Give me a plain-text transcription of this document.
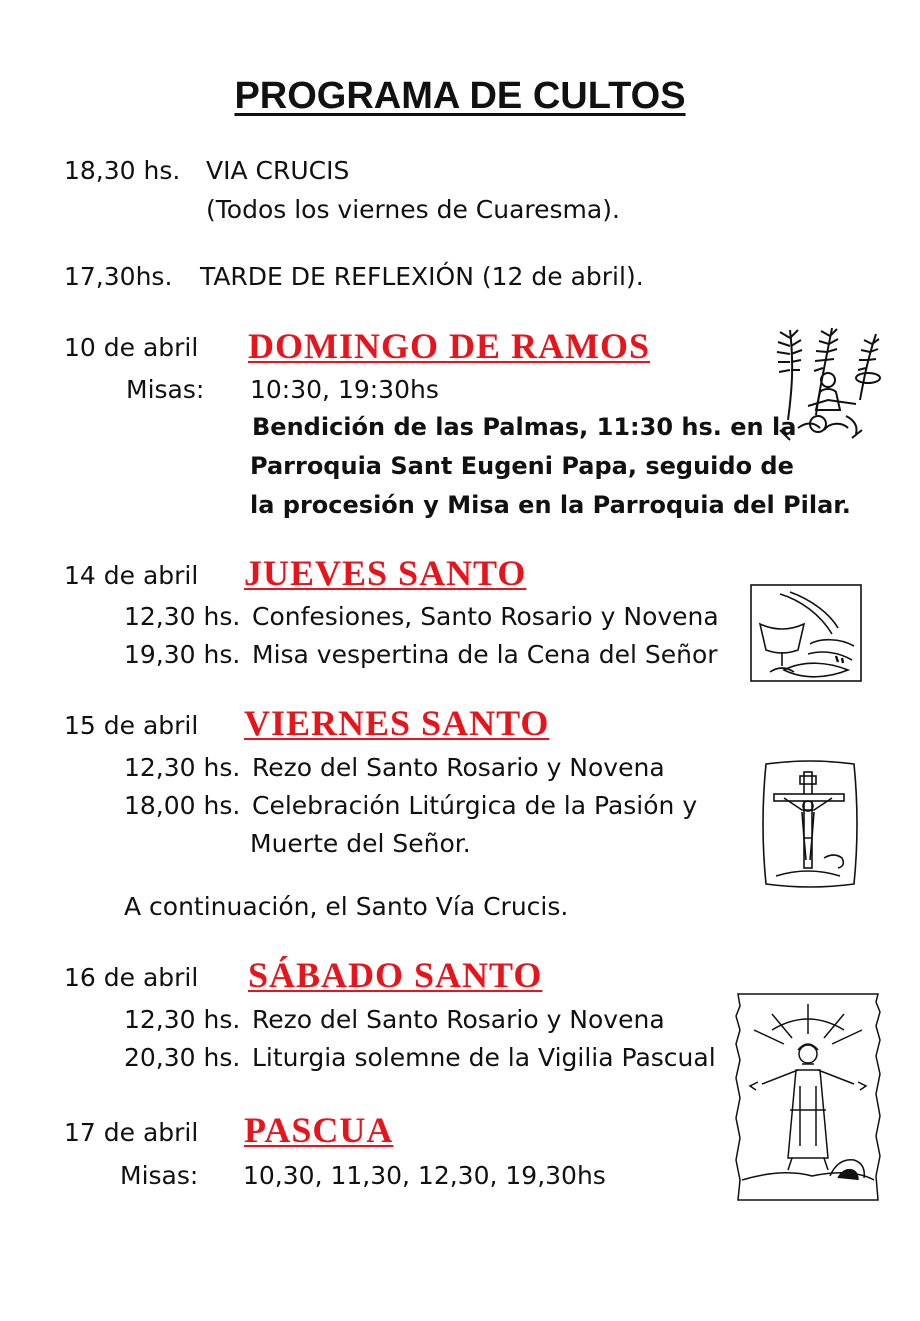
PROGRAMA DE CULTOS
18,30 hs. VIA CRUCIS
(Todos los viernes de Cuaresma).
17,30hs. TARDE DE REFLEXIÓN (12 de abril).
10 de abril DOMINGO DE RAMOS
Misas: 10:30, 19:30hs
Bendición de las Palmas, 11:30 hs. en la
Parroquia Sant Eugeni Papa, seguido de
la procesión y Misa en la Parroquia del Pilar.
14 de abril JUEVES SANTO
12,30 hs. Confesiones, Santo Rosario y Novena
19,30 hs. Misa vespertina de la Cena del Señor
15 de abril VIERNES SANTO
12,30 hs. Rezo del Santo Rosario y Novena
18,00 hs. Celebración Litúrgica de la Pasión y
Muerte del Señor.
A continuación, el Santo Vía Crucis.
16 de abril SÁBADO SANTO
12,30 hs. Rezo del Santo Rosario y Novena
20,30 hs. Liturgia solemne de la Vigilia Pascual
17 de abril PASCUA
Misas: 10,30, 11,30, 12,30, 19,30hs
